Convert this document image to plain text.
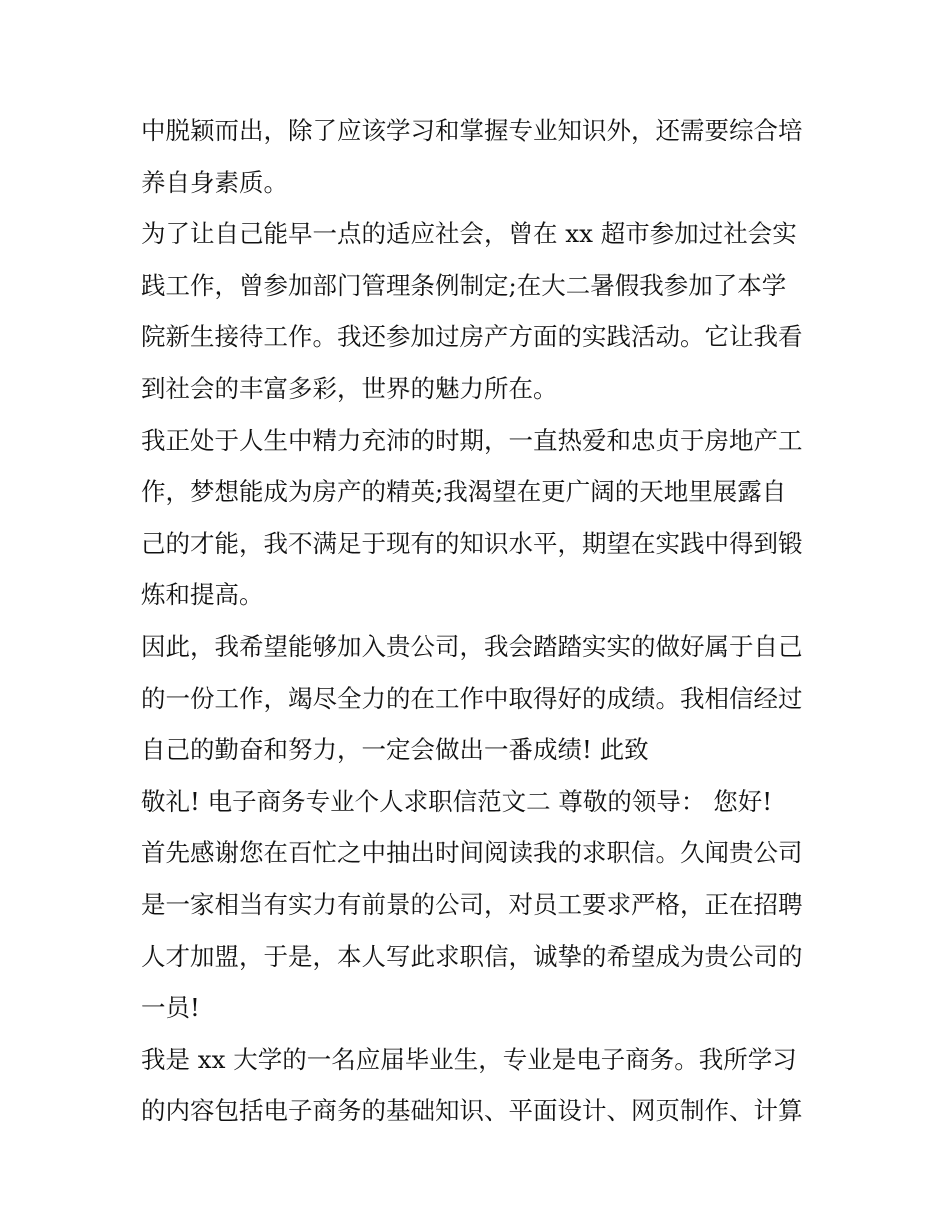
中脱颖而出，除了应该学习和掌握专业知识外，还需要综合培
养自身素质。
为了让自己能早一点的适应社会，曾在 xx 超市参加过社会实
践工作，曾参加部门管理条例制定;在大二暑假我参加了本学
院新生接待工作。我还参加过房产方面的实践活动。它让我看
到社会的丰富多彩，世界的魅力所在。
我正处于人生中精力充沛的时期，一直热爱和忠贞于房地产工
作，梦想能成为房产的精英;我渴望在更广阔的天地里展露自
己的才能，我不满足于现有的知识水平，期望在实践中得到锻
炼和提高。
因此，我希望能够加入贵公司，我会踏踏实实的做好属于自己
的一份工作，竭尽全力的在工作中取得好的成绩。我相信经过
自己的勤奋和努力，一定会做出一番成绩! 此致
敬礼! 电子商务专业个人求职信范文二 尊敬的领导： 您好!
首先感谢您在百忙之中抽出时间阅读我的求职信。久闻贵公司
是一家相当有实力有前景的公司，对员工要求严格，正在招聘
人才加盟，于是，本人写此求职信，诚挚的希望成为贵公司的
一员!
我是 xx 大学的一名应届毕业生，专业是电子商务。我所学习
的内容包括电子商务的基础知识、平面设计、网页制作、计算
